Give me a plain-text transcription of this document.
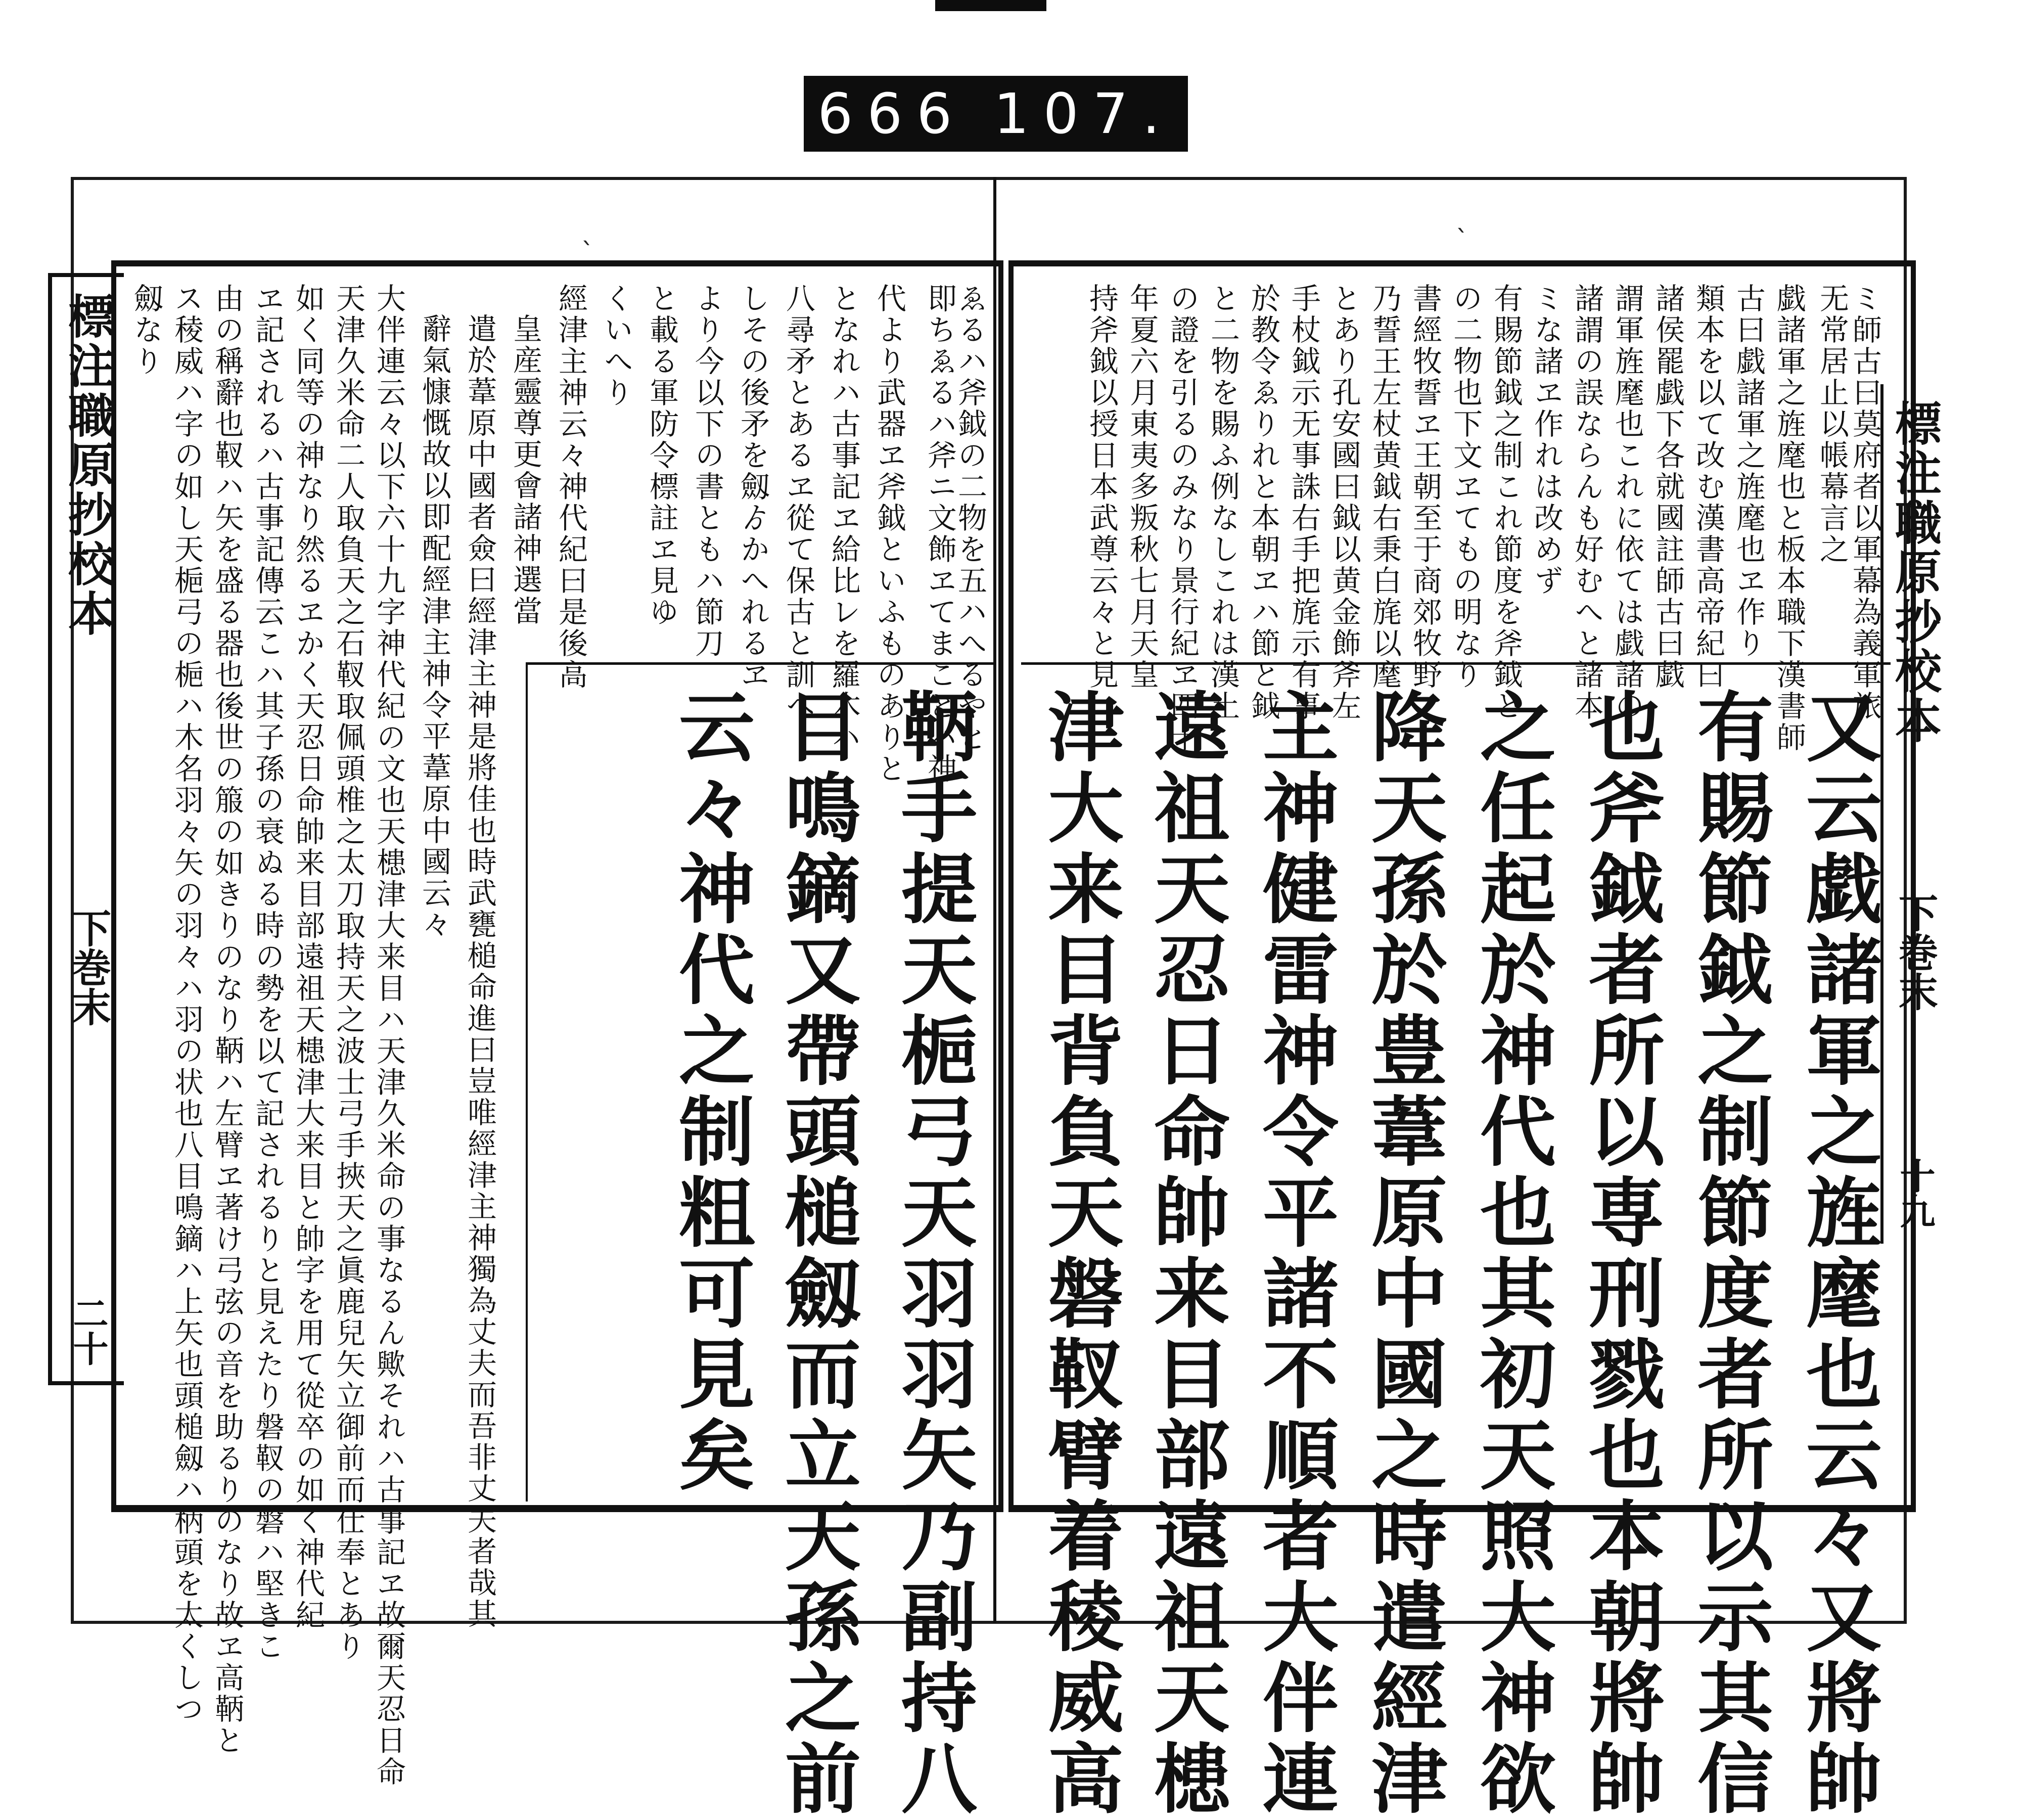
666 107.
標注職原抄校本
下巻末
二十
ゑるハ斧鉞の二物を五ハへるやと
即ちゑるハ斧ニ文飾ヱてまことハ神
代より武器ヱ斧鉞といふものありと
となれハ古事記ヱ給比レを羅木ハ
八尋矛とあるヱ從て保古と訓へ
しその後矛を劔ゟかへれるヱ
より今以下の書ともハ節刀
と載る軍防令標註ヱ見ゆ
くいへり
經津主神云々神代紀曰是後高
皇産靈尊更會諸神選當
遣於葦原中國者僉曰經津主神是將佳也時武甕槌命進曰豈唯經津主神獨為丈夫而吾非丈夫者哉其
辭氣慷慨故以即配經津主神令平葦原中國云々
大伴連云々以下六十九字神代紀の文也天槵津大来目ハ天津久米命の事なるん歟それハ古事記ヱ故爾天忍日命
天津久米命二人取負天之石靫取佩頭椎之太刀取持天之波士弓手挾天之眞鹿兒矢立御前而仕奉とあり
如く同等の神なり然るヱかく天忍日命帥来目部遠祖天槵津大来目と帥字を用て從卒の如く神代紀
ヱ記されるハ古事記傳云こハ其子孫の衰ぬる時の勢を以て記されるりと見えたり磐靫の磐ハ堅きこ
由の稱辭也靫ハ矢を盛る器也後世の箙の如きりのなり鞆ハ左臂ヱ著け弓弦の音を助るりのなり故ヱ高鞆と
ス稜威ハ字の如し天梔弓の梔ハ木名羽々矢の羽々ハ羽の状也八目鳴鏑ハ上矢也頭槌劔ハ柄頭を太くしつ
劔なり
鞆手提天梔弓天羽羽矢乃副持八
目鳴鏑又帶頭槌劔而立天孫之前
云々神代之制粗可見矣
標注職原抄校本
下巻末
十九
ミ師古曰莫府者以軍幕為義軍旅
无常居止以帳幕言之
戯諸軍之旌麾也と板本職下漢書師
古曰戯諸軍之旌麾也ヱ作り
類本を以て改む漢書高帝紀曰
諸侯罷戯下各就國註師古曰戯
謂軍旌麾也これに依ては戯諸の
諸謂の誤ならんも好むへと諸本
ミな諸ヱ作れは改めず
有賜節鉞之制これ節度を斧鉞と
の二物也下文ヱてもの明なり
書經牧誓ヱ王朝至于商郊牧野
乃誓王左杖黄鉞右秉白旄以麾
とあり孔安國曰鉞以黄金飾斧左
手杖鉞示无事誅右手把旄示有事
於教令ゑりれと本朝ヱハ節と鉞
と二物を賜ふ例なしこれは漢土
の證を引るのみなり景行紀ヱ四十
年夏六月東夷多叛秋七月天皇
持斧鉞以授日本武尊云々と見
又云戯諸軍之旌麾也云々又將帥
有賜節鉞之制節度者所以示其信
也斧鉞者所以専刑戮也本朝將帥
之任起於神代也其初天照大神欲
降天孫於豊葦原中國之時遣經津
主神健雷神令平諸不順者大伴連
遠祖天忍日命帥来目部遠祖天槵
津大来目背負天磐靫臂着稜威高
ˋ	ˋ
